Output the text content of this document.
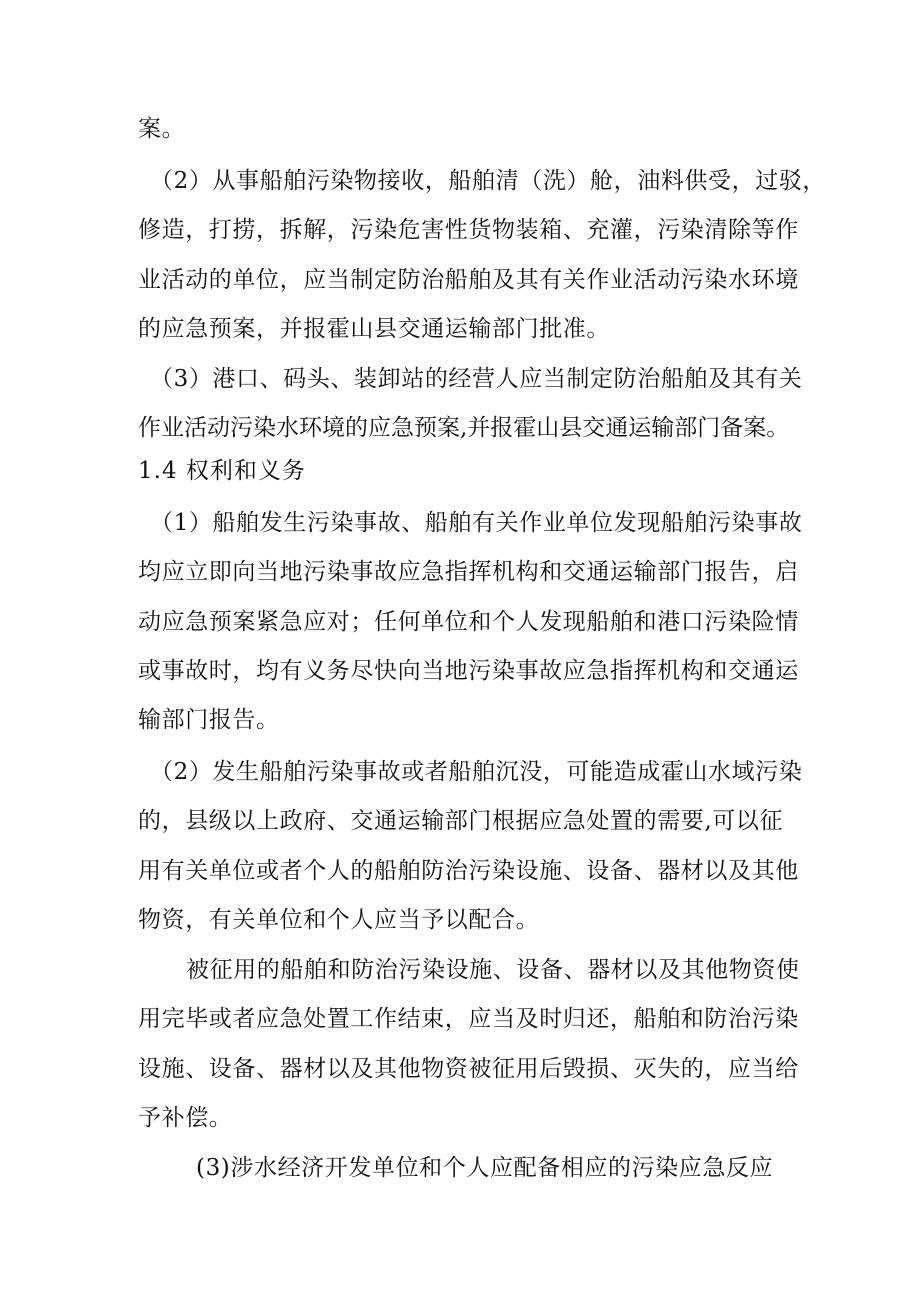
案。
（2）从事船舶污染物接收，船舶清（洗）舱，油料供受，过驳，
修造，打捞，拆解，污染危害性货物装箱、充灌，污染清除等作
业活动的单位，应当制定防治船舶及其有关作业活动污染水环境
的应急预案，并报霍山县交通运输部门批准。
（3）港口、码头、装卸站的经营人应当制定防治船舶及其有关
作业活动污染水环境的应急预案,并报霍山县交通运输部门备案。
1.4 权利和义务
（1）船舶发生污染事故、船舶有关作业单位发现船舶污染事故
均应立即向当地污染事故应急指挥机构和交通运输部门报告，启
动应急预案紧急应对；任何单位和个人发现船舶和港口污染险情
或事故时，均有义务尽快向当地污染事故应急指挥机构和交通运
输部门报告。
（2）发生船舶污染事故或者船舶沉没，可能造成霍山水域污染
的，县级以上政府、交通运输部门根据应急处置的需要,可以征
用有关单位或者个人的船舶防治污染设施、设备、器材以及其他
物资，有关单位和个人应当予以配合。
被征用的船舶和防治污染设施、设备、器材以及其他物资使
用完毕或者应急处置工作结束，应当及时归还，船舶和防治污染
设施、设备、器材以及其他物资被征用后毁损、灭失的，应当给
予补偿。
(3)涉水经济开发单位和个人应配备相应的污染应急反应
